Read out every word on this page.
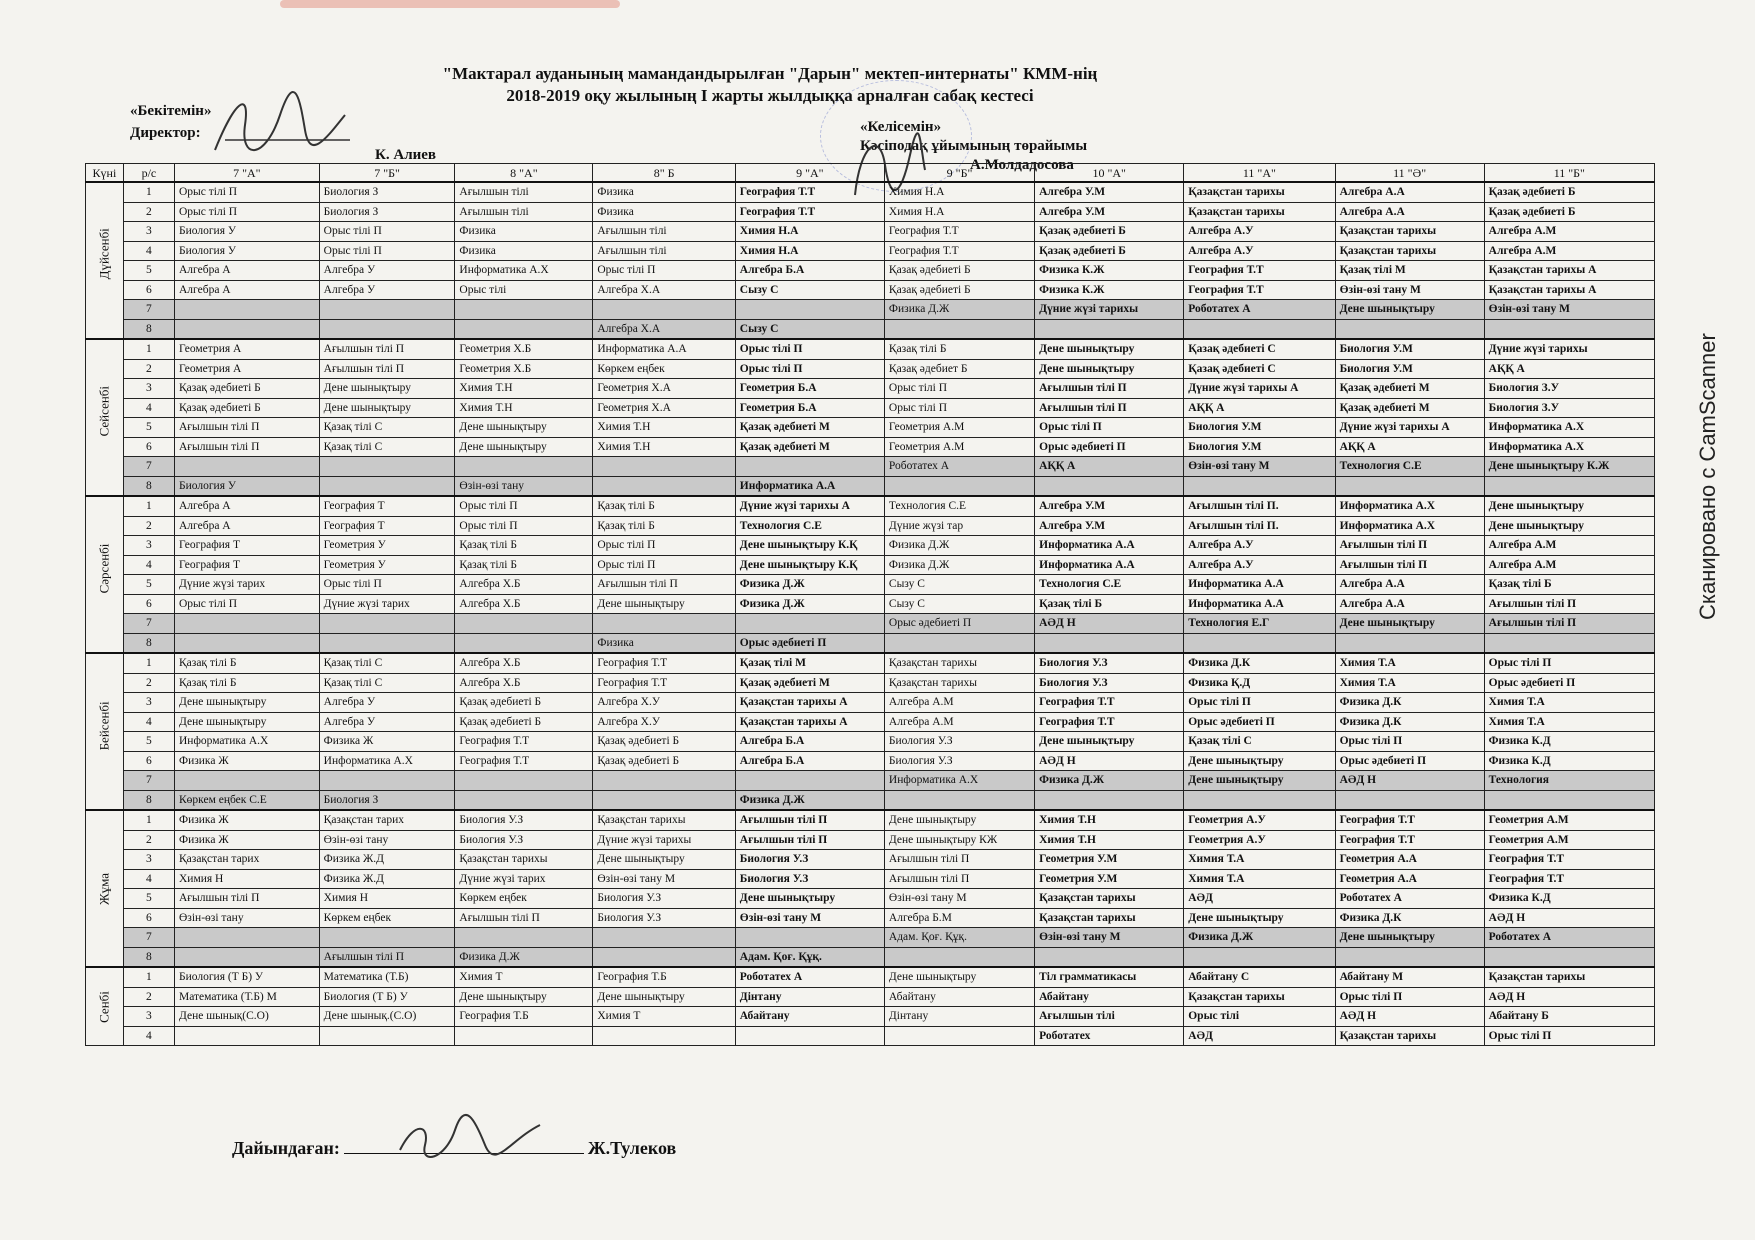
"Мактарал ауданының мамандандырылған "Дарын" мектеп-интернаты" КММ-нің
2018-2019 оқу жылының I жарты жылдыққа арналған сабақ кестесі
«Бекітемін»
Директор:
К. Алиев
«Келісемін»
Кәсіподақ ұйымының төрайымы
А.Молдадосова
Сканировано с CamScanner
Күні	р/с	7 "А"	7 "Б"	8 "А"	8" Б	9 "А"	9 "Б"	10 "А"	11 "А"	11 "Ә"	11 "Б"

Дүйсенбі	1	Орыс тілі П	Биология З	Ағылшын тілі	Физика	География Т.Т	Химия Н.А	Алгебра У.М	Қазақстан тарихы	Алгебра А.А	Қазақ әдебиеті Б
	2	Орыс тілі П	Биология З	Ағылшын тілі	Физика	География Т.Т	Химия Н.А	Алгебра У.М	Қазақстан тарихы	Алгебра А.А	Қазақ әдебиеті Б
	3	Биология У	Орыс тілі П	Физика	Ағылшын тілі	Химия Н.А	География Т.Т	Қазақ әдебиеті Б	Алгебра А.У	Қазақстан тарихы	Алгебра А.М
	4	Биология У	Орыс тілі П	Физика	Ағылшын тілі	Химия Н.А	География Т.Т	Қазақ әдебиеті Б	Алгебра А.У	Қазақстан тарихы	Алгебра А.М
	5	Алгебра А	Алгебра У	Информатика А.Х	Орыс тілі П	Алгебра Б.А	Қазақ әдебиеті Б	Физика К.Ж	География Т.Т	Қазақ тілі М	Қазақстан тарихы А
	6	Алгебра А	Алгебра У	Орыс тілі	Алгебра Х.А	Сызу С	Қазақ әдебиеті Б	Физика К.Ж	География Т.Т	Өзін-өзі тану М	Қазақстан тарихы А
	7						Физика Д.Ж	Дүние жүзі тарихы	Роботатех А	Дене шынықтыру	Өзін-өзі тану М
	8				Алгебра Х.А	Сызу С					

Сейсенбі	1	Геометрия А	Ағылшын тілі П	Геометрия Х.Б	Информатика А.А	Орыс тілі П	Қазақ тілі Б	Дене шынықтыру	Қазақ әдебиеті С	Биология У.М	Дүние жүзі тарихы
	2	Геометрия А	Ағылшын тілі П	Геометрия Х.Б	Көркем еңбек	Орыс тілі П	Қазақ әдебиет Б	Дене шынықтыру	Қазақ әдебиеті С	Биология У.М	АҚҚ А
	3	Қазақ әдебиеті Б	Дене шынықтыру	Химия Т.Н	Геометрия Х.А	Геометрия Б.А	Орыс тілі П	Ағылшын тілі П	Дүние жүзі тарихы А	Қазақ әдебиеті М	Биология З.У
	4	Қазақ әдебиеті Б	Дене шынықтыру	Химия Т.Н	Геометрия Х.А	Геометрия Б.А	Орыс тілі П	Ағылшын тілі П	АҚҚ А	Қазақ әдебиеті М	Биология З.У
	5	Ағылшын тілі П	Қазақ тілі С	Дене шынықтыру	Химия Т.Н	Қазақ әдебиеті М	Геометрия А.М	Орыс тілі П	Биология У.М	Дүние жүзі тарихы А	Информатика А.Х
	6	Ағылшын тілі П	Қазақ тілі С	Дене шынықтыру	Химия Т.Н	Қазақ әдебиеті М	Геометрия А.М	Орыс әдебиеті П	Биология У.М	АҚҚ А	Информатика А.Х
	7						Роботатех А	АҚҚ А	Өзін-өзі тану М	Технология С.Е	Дене шынықтыру К.Ж
	8	Биология У		Өзін-өзі тану		Информатика А.А					

Сәрсенбі	1	Алгебра А	География Т	Орыс тілі П	Қазақ тілі Б	Дүние жүзі тарихы А	Технология С.Е	Алгебра У.М	Ағылшын тілі П.	Информатика А.Х	Дене шынықтыру
	2	Алгебра А	География Т	Орыс тілі П	Қазақ тілі Б	Технология С.Е	Дүние жүзі тар	Алгебра У.М	Ағылшын тілі П.	Информатика А.Х	Дене шынықтыру
	3	География Т	Геометрия У	Қазақ тілі Б	Орыс тілі П	Дене шынықтыру К.Қ	Физика Д.Ж	Информатика А.А	Алгебра А.У	Ағылшын тілі П	Алгебра А.М
	4	География Т	Геометрия У	Қазақ тілі Б	Орыс тілі П	Дене шынықтыру К.Қ	Физика Д.Ж	Информатика А.А	Алгебра А.У	Ағылшын тілі П	Алгебра А.М
	5	Дүние жүзі тарих	Орыс тілі П	Алгебра Х.Б	Ағылшын тілі П	Физика Д.Ж	Сызу С	Технология С.Е	Информатика А.А	Алгебра А.А	Қазақ тілі Б
	6	Орыс тілі П	Дүние жүзі тарих	Алгебра Х.Б	Дене шынықтыру	Физика Д.Ж	Сызу С	Қазақ тілі Б	Информатика А.А	Алгебра А.А	Ағылшын тілі П
	7						Орыс әдебиеті П	АӘД Н	Технология Е.Г	Дене шынықтыру	Ағылшын тілі П
	8				Физика	Орыс әдебиеті П					

Бейсенбі	1	Қазақ тілі Б	Қазақ тілі С	Алгебра Х.Б	География Т.Т	Қазақ тілі М	Қазақстан тарихы	Биология У.З	Физика Д.К	Химия Т.А	Орыс тілі П
	2	Қазақ тілі Б	Қазақ тілі С	Алгебра Х.Б	География Т.Т	Қазақ әдебиеті М	Қазақстан тарихы	Биология У.З	Физика Қ.Д	Химия Т.А	Орыс әдебиеті П
	3	Дене шынықтыру	Алгебра У	Қазақ әдебиеті Б	Алгебра Х.У	Қазақстан тарихы А	Алгебра А.М	География Т.Т	Орыс тілі П	Физика Д.К	Химия Т.А
	4	Дене шынықтыру	Алгебра У	Қазақ әдебиеті Б	Алгебра Х.У	Қазақстан тарихы А	Алгебра А.М	География Т.Т	Орыс әдебиеті П	Физика Д.К	Химия Т.А
	5	Информатика А.Х	Физика Ж	География Т.Т	Қазақ әдебиеті Б	Алгебра Б.А	Биология У.З	Дене шынықтыру	Қазақ тілі С	Орыс тілі П	Физика К.Д
	6	Физика Ж	Информатика А.Х	География Т.Т	Қазақ әдебиеті Б	Алгебра Б.А	Биология У.З	АӘД Н	Дене шынықтыру	Орыс әдебиеті П	Физика К.Д
	7						Информатика А.Х	Физика Д.Ж	Дене шынықтыру	АӘД Н	Технология
	8	Көркем еңбек С.Е	Биология З			Физика Д.Ж					

Жұма	1	Физика Ж	Қазақстан тарих	Биология У.З	Қазақстан тарихы	Ағылшын тілі П	Дене шынықтыру	Химия Т.Н	Геометрия А.У	География Т.Т	Геометрия А.М
	2	Физика Ж	Өзін-өзі тану	Биология У.З	Дүние жүзі тарихы	Ағылшын тілі П	Дене шынықтыру КЖ	Химия Т.Н	Геометрия А.У	География Т.Т	Геометрия А.М
	3	Қазақстан тарих	Физика Ж.Д	Қазақстан тарихы	Дене шынықтыру	Биология У.З	Ағылшын тілі П	Геометрия У.М	Химия Т.А	Геометрия А.А	География Т.Т
	4	Химия Н	Физика Ж.Д	Дүние жүзі тарих	Өзін-өзі тану М	Биология У.З	Ағылшын тілі П	Геометрия У.М	Химия Т.А	Геометрия А.А	География Т.Т
	5	Ағылшын тілі П	Химия Н	Көркем еңбек	Биология У.З	Дене шынықтыру	Өзін-өзі тану М	Қазақстан тарихы	АӘД	Роботатех А	Физика К.Д
	6	Өзін-өзі тану	Көркем еңбек	Ағылшын тілі П	Биология У.З	Өзін-өзі тану М	Алгебра Б.М	Қазақстан тарихы	Дене шынықтыру	Физика Д.К	АӘД Н
	7						Адам. Қоғ. Құқ.	Өзін-өзі тану М	Физика Д.Ж	Дене шынықтыру	Роботатех А
	8		Ағылшын тілі П	Физика Д.Ж		Адам. Қоғ. Құқ.					

Сенбі	1	Биология (Т Б) У	Математика (Т.Б)	Химия Т	География Т.Б	Роботатех А	Дене шынықтыру	Тіл грамматикасы	Абайтану С	Абайтану М	Қазақстан тарихы
	2	Математика (Т.Б) М	Биология (Т Б) У	Дене шынықтыру	Дене шынықтыру	Дінтану	Абайтану	Абайтану	Қазақстан тарихы	Орыс тілі П	АӘД Н
	3	Дене шынық(С.О)	Дене шынық.(С.О)	География Т.Б	Химия Т	Абайтану	Дінтану	Ағылшын тілі	Орыс тілі	АӘД Н	Абайтану Б
	4							Роботатех	АӘД	Қазақстан тарихы	Орыс тілі П
Дайындаған:	Ж.Тулеков
